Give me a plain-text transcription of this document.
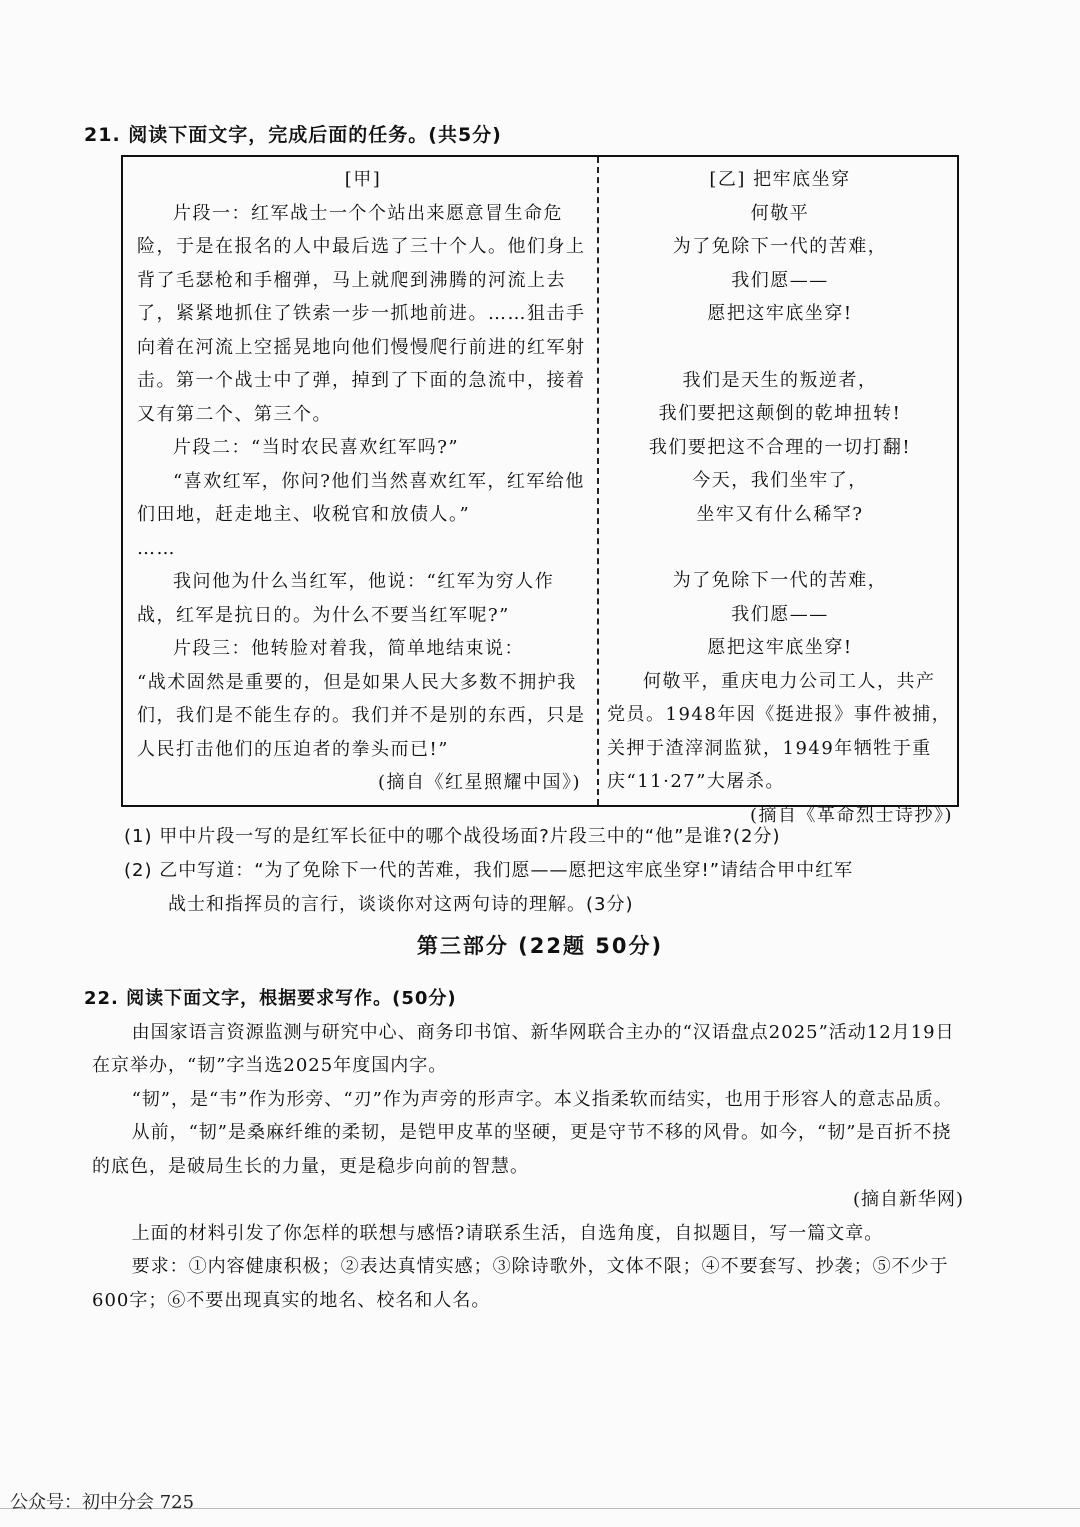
21. 阅读下面文字，完成后面的任务。(共5分)
[甲]
片段一：红军战士一个个站出来愿意冒生命危险，于是在报名的人中最后选了三十个人。他们身上背了毛瑟枪和手榴弹，马上就爬到沸腾的河流上去了，紧紧地抓住了铁索一步一抓地前进。……狙击手向着在河流上空摇晃地向他们慢慢爬行前进的红军射击。第一个战士中了弹，掉到了下面的急流中，接着又有第二个、第三个。
片段二：“当时农民喜欢红军吗?”
“喜欢红军，你问?他们当然喜欢红军，红军给他们田地，赶走地主、收税官和放债人。”
……
我问他为什么当红军，他说：“红军为穷人作战，红军是抗日的。为什么不要当红军呢?”
片段三：他转脸对着我，简单地结束说：
“战术固然是重要的，但是如果人民大多数不拥护我们，我们是不能生存的。我们并不是别的东西，只是人民打击他们的压迫者的拳头而已!”
(摘自《红星照耀中国》)
[乙] 把牢底坐穿
何敬平
为了免除下一代的苦难，
我们愿——
愿把这牢底坐穿!
我们是天生的叛逆者，
我们要把这颠倒的乾坤扭转!
我们要把这不合理的一切打翻!
今天，我们坐牢了，
坐牢又有什么稀罕?
为了免除下一代的苦难，
我们愿——
愿把这牢底坐穿!
何敬平，重庆电力公司工人，共产党员。1948年因《挺进报》事件被捕，关押于渣滓洞监狱，1949年牺牲于重庆“11·27”大屠杀。
(摘自《革命烈士诗抄》)
(1) 甲中片段一写的是红军长征中的哪个战役场面?片段三中的“他”是谁?(2分)
(2) 乙中写道：“为了免除下一代的苦难，我们愿——愿把这牢底坐穿!”请结合甲中红军
战士和指挥员的言行，谈谈你对这两句诗的理解。(3分)
第三部分 (22题 50分)

22. 阅读下面文字，根据要求写作。(50分)

由国家语言资源监测与研究中心、商务印书馆、新华网联合主办的“汉语盘点2025”活动12月19日在京举办，“韧”字当选2025年度国内字。

“韧”，是“韦”作为形旁、“刃”作为声旁的形声字。本义指柔软而结实，也用于形容人的意志品质。

从前，“韧”是桑麻纤维的柔韧，是铠甲皮革的坚硬，更是守节不移的风骨。如今，“韧”是百折不挠的底色，是破局生长的力量，更是稳步向前的智慧。

(摘自新华网)

上面的材料引发了你怎样的联想与感悟?请联系生活，自选角度，自拟题目，写一篇文章。

要求：①内容健康积极；②表达真情实感；③除诗歌外，文体不限；④不要套写、抄袭；⑤不少于600字；⑥不要出现真实的地名、校名和人名。

公众号：初中分会 725
